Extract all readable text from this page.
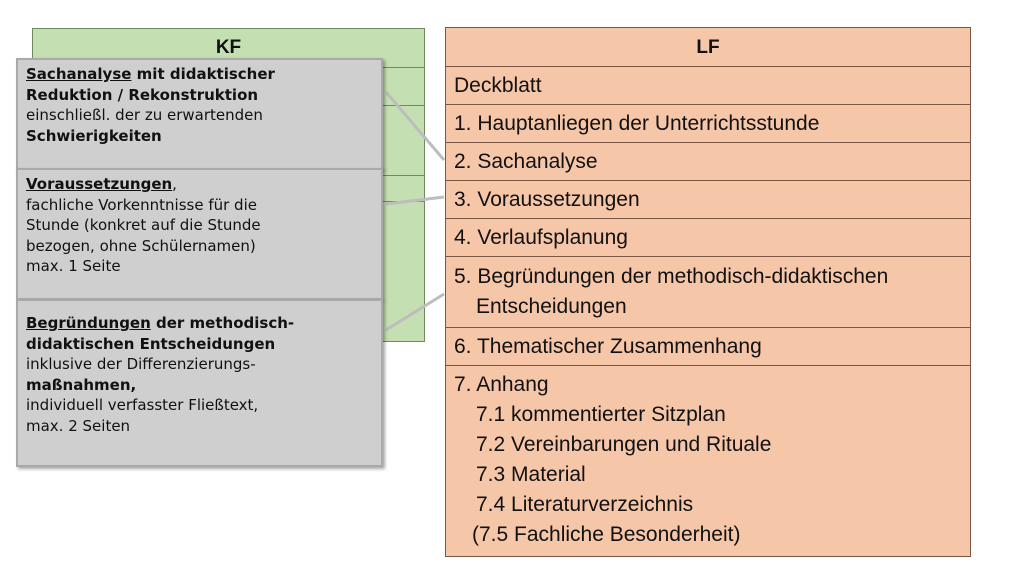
KF	LF
Deckblatt
1. Hauptanliegen der Unterrichtsstunde
2. Sachanalyse
3. Voraussetzungen
4. Verlaufsplanung
5. Begründungen der methodisch-didaktischen
Entscheidungen
6. Thematischer Zusammenhang
7. Anhang
7.1 kommentierter Sitzplan
7.2 Vereinbarungen und Rituale
7.3 Material
7.4 Literaturverzeichnis
(7.5 Fachliche Besonderheit)
Sachanalyse mit didaktischer
Reduktion / Rekonstruktion
einschließl. der zu erwartenden
Schwierigkeiten
Voraussetzungen,
fachliche Vorkenntnisse für die
Stunde (konkret auf die Stunde
bezogen, ohne Schülernamen)
max. 1 Seite
Begründungen der methodisch-
didaktischen Entscheidungen
inklusive der Differenzierungs-
maßnahmen,
individuell verfasster Fließtext,
max. 2 Seiten
